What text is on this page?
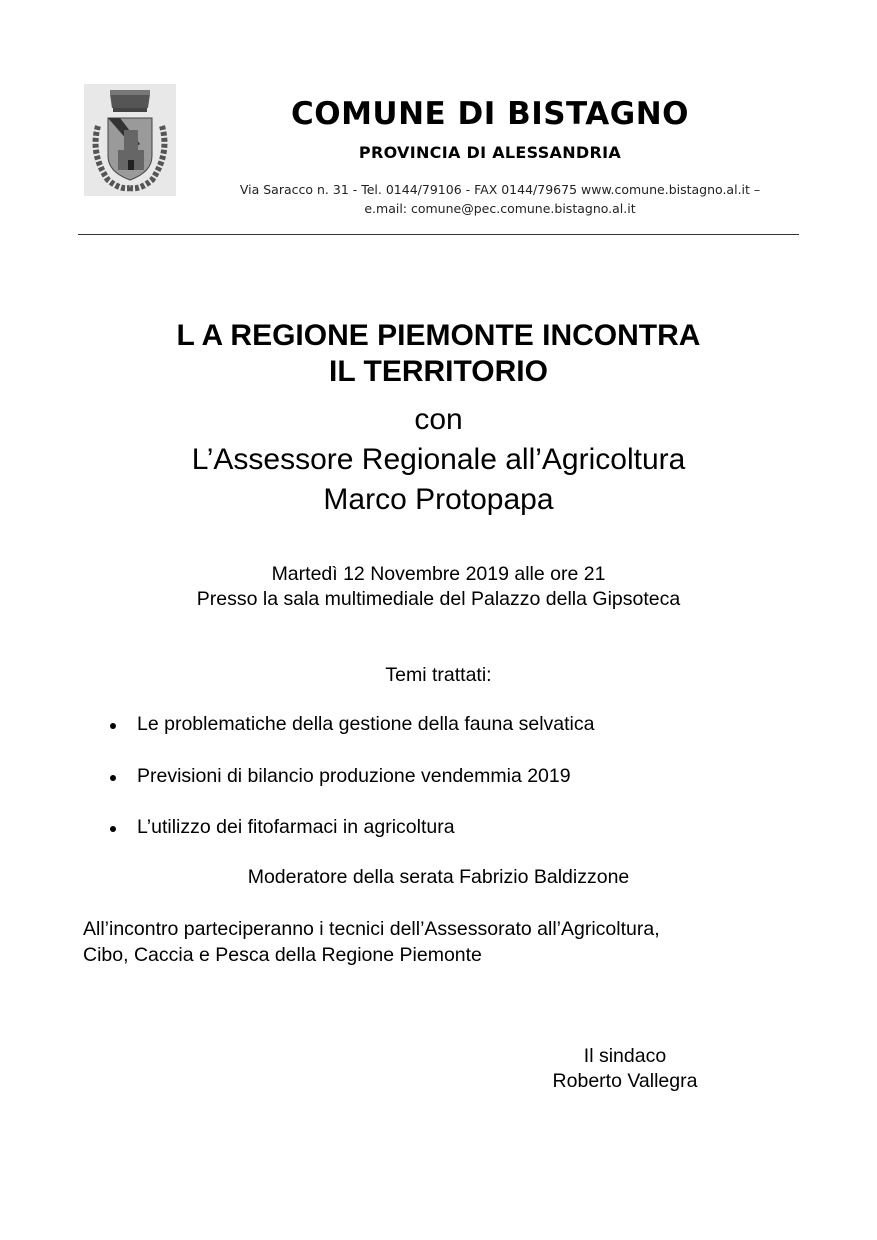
COMUNE DI BISTAGNO
PROVINCIA DI ALESSANDRIA
Via Saracco n. 31 - Tel. 0144/79106 - FAX 0144/79675 www.comune.bistagno.al.it –
e.mail: comune@pec.comune.bistagno.al.it
L A REGIONE PIEMONTE INCONTRA
IL TERRITORIO
con
L’Assessore Regionale all’Agricoltura
Marco Protopapa
Martedì 12 Novembre 2019 alle ore 21
Presso la sala multimediale del Palazzo della Gipsoteca
Temi trattati:
Le problematiche della gestione della fauna selvatica
Previsioni di bilancio produzione vendemmia 2019
L’utilizzo dei fitofarmaci in agricoltura
Moderatore della serata Fabrizio Baldizzone
All’incontro parteciperanno i tecnici dell’Assessorato all’Agricoltura,
Cibo, Caccia e Pesca della Regione Piemonte
Il sindaco
Roberto Vallegra
